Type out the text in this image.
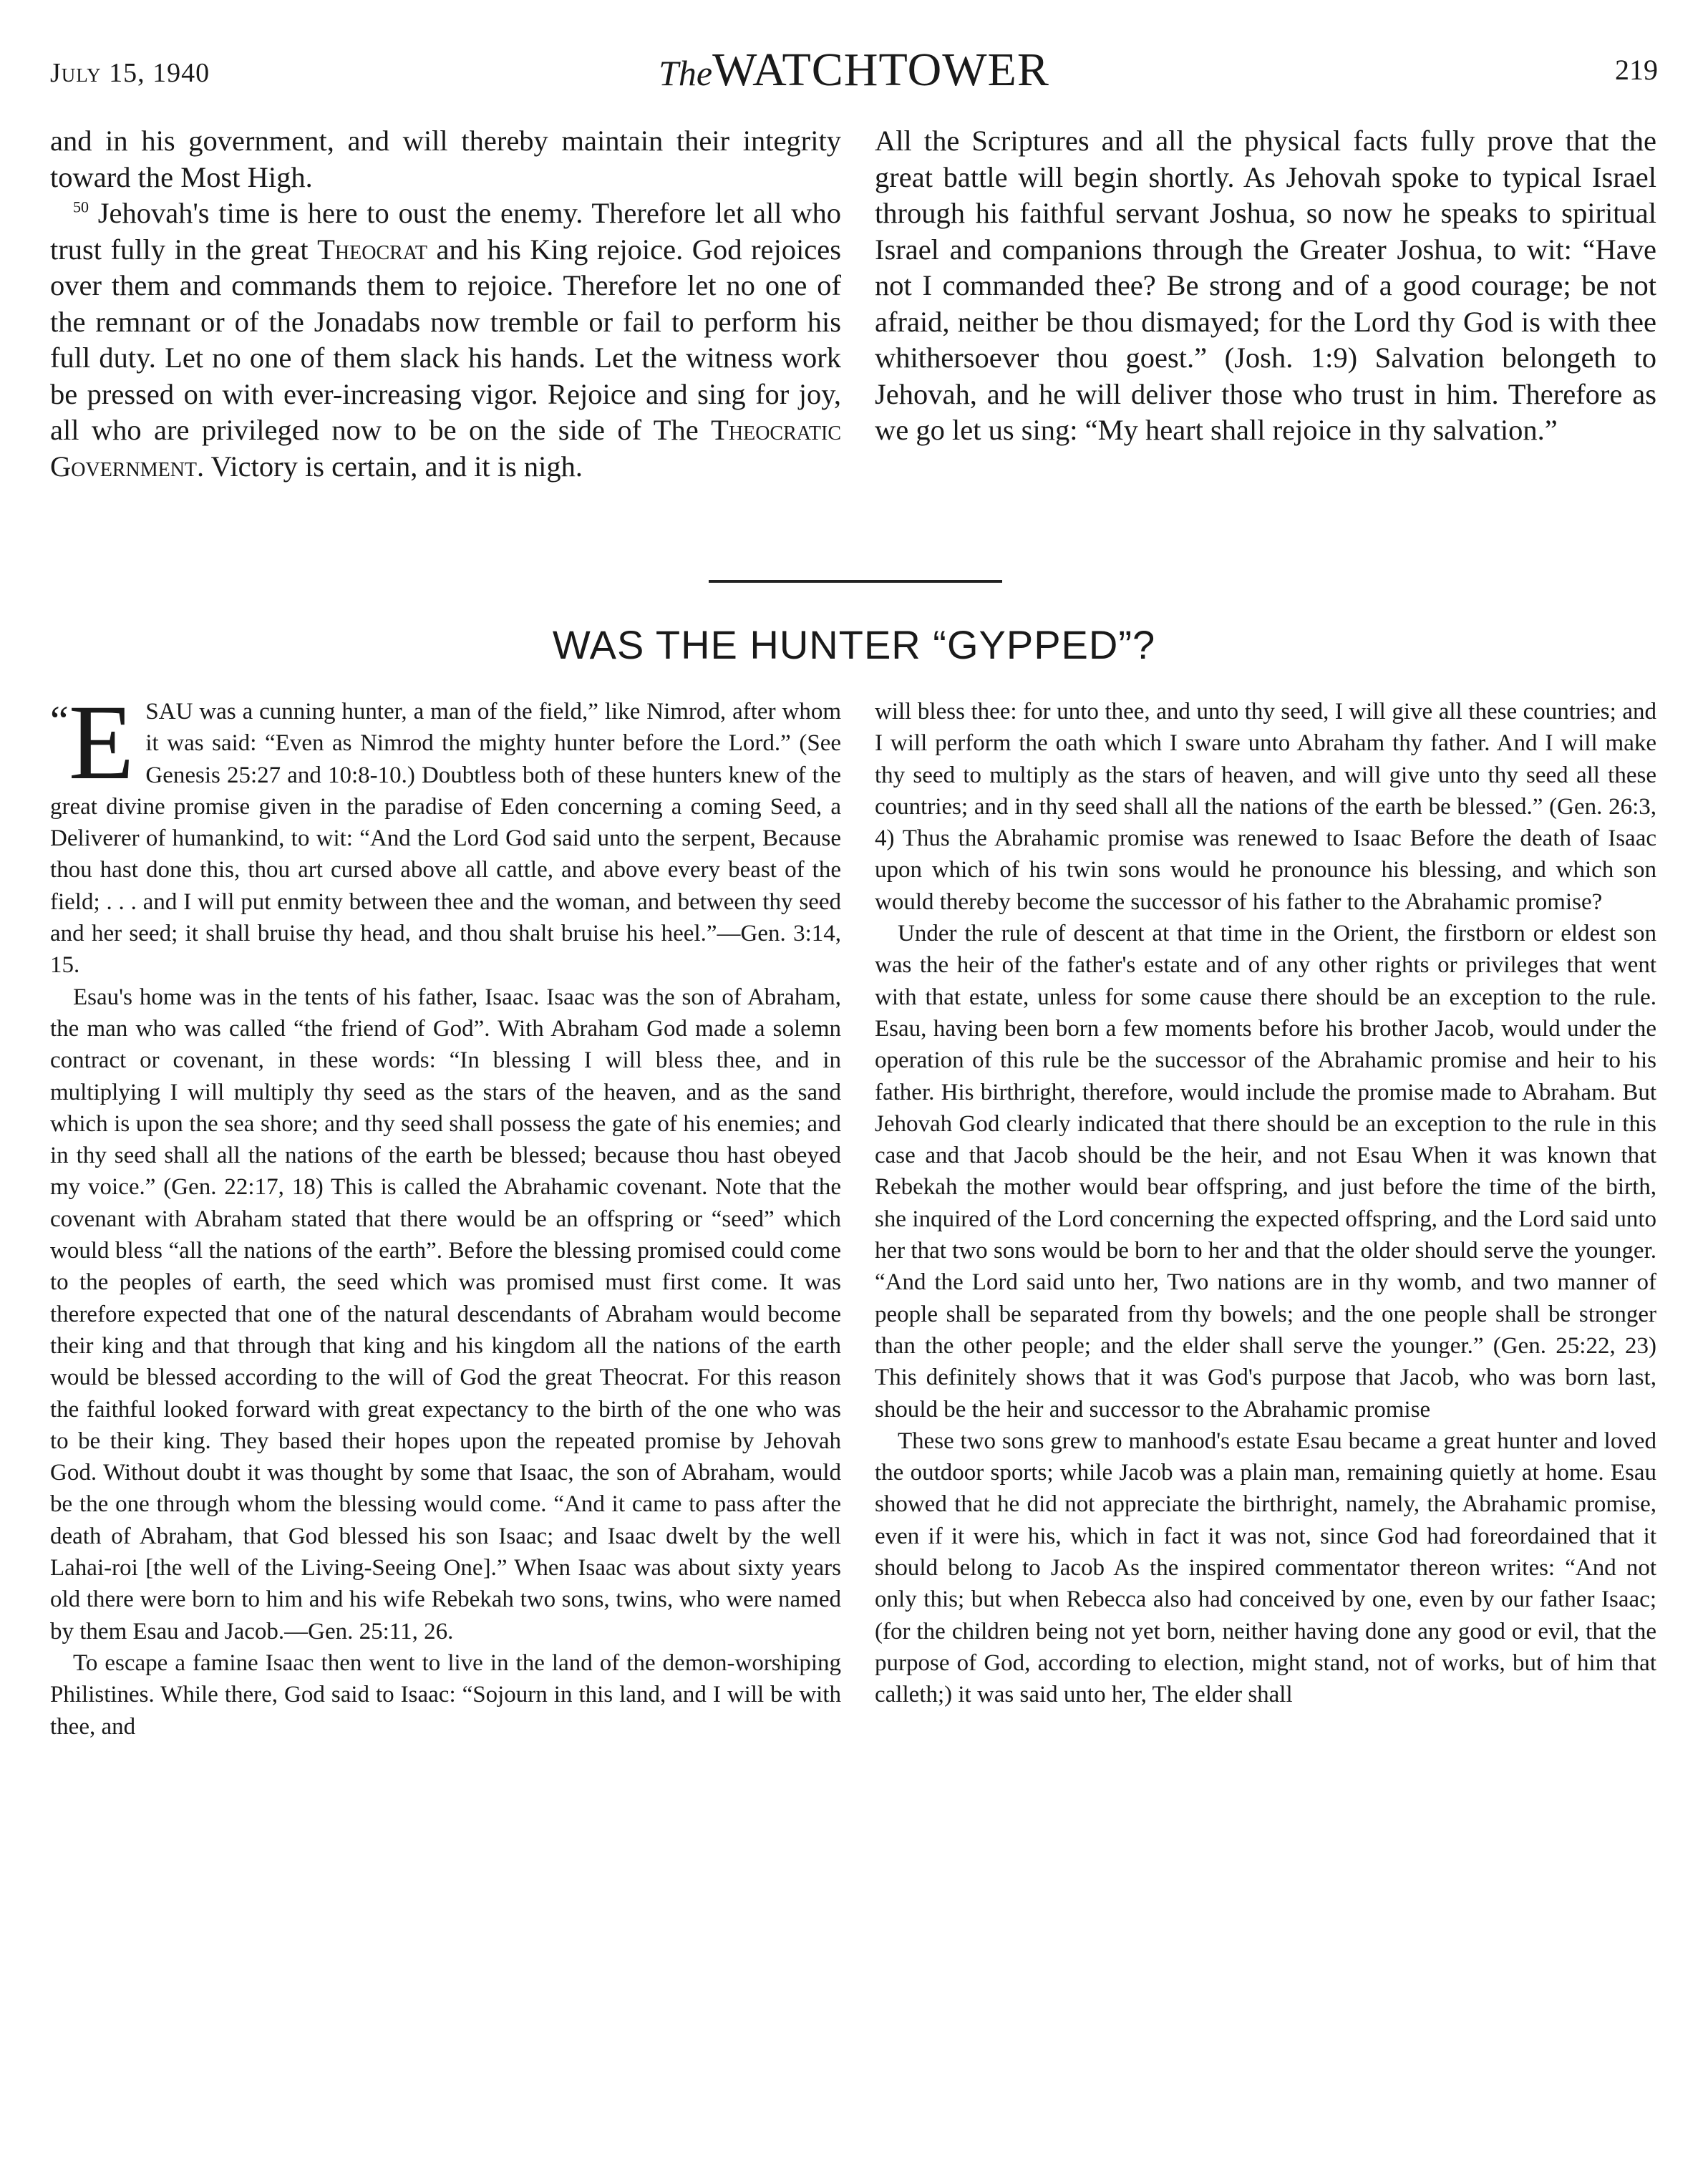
July 15, 1940	TheWATCHTOWER	219

and in his government, and will thereby maintain their integrity toward the Most High.

$^{50}$ Jehovah's time is here to oust the enemy. Therefore let all who trust fully in the great Theocrat and his King rejoice. God rejoices over them and commands them to rejoice. Therefore let no one of the remnant or of the Jonadabs now tremble or fail to perform his full duty. Let no one of them slack his hands. Let the witness work be pressed on with ever-increasing vigor. Rejoice and sing for joy, all who are privileged now to be on the side of The Theocratic Government. Victory is certain, and it is nigh.

All the Scriptures and all the physical facts fully prove that the great battle will begin shortly. As Jehovah spoke to typical Israel through his faithful servant Joshua, so now he speaks to spiritual Israel and companions through the Greater Joshua, to wit: “Have not I commanded thee? Be strong and of a good courage; be not afraid, neither be thou dismayed; for the Lord thy God is with thee whithersoever thou goest.” (Josh. 1:9) Salvation belongeth to Jehovah, and he will deliver those who trust in him. Therefore as we go let us sing: “My heart shall rejoice in thy salvation.”

WAS THE HUNTER “GYPPED”?

“E SAU was a cunning hunter, a man of the field,” like Nimrod, after whom it was said: “Even as Nimrod the mighty hunter before the Lord.” (See Genesis 25:27 and 10:8-10.) Doubtless both of these hunters knew of the great divine promise given in the paradise of Eden concerning a coming Seed, a Deliverer of humankind, to wit: “And the Lord God said unto the serpent, Because thou hast done this, thou art cursed above all cattle, and above every beast of the field; . . . and I will put enmity between thee and the woman, and between thy seed and her seed; it shall bruise thy head, and thou shalt bruise his heel.”—Gen. 3:14, 15.

Esau's home was in the tents of his father, Isaac. Isaac was the son of Abraham, the man who was called “the friend of God”. With Abraham God made a solemn contract or covenant, in these words: “In blessing I will bless thee, and in multiplying I will multiply thy seed as the stars of the heaven, and as the sand which is upon the sea shore; and thy seed shall possess the gate of his enemies; and in thy seed shall all the nations of the earth be blessed; because thou hast obeyed my voice.” (Gen. 22:17, 18) This is called the Abrahamic covenant. Note that the covenant with Abraham stated that there would be an offspring or “seed” which would bless “all the nations of the earth”. Before the blessing promised could come to the peoples of earth, the seed which was promised must first come. It was therefore expected that one of the natural descendants of Abraham would become their king and that through that king and his kingdom all the nations of the earth would be blessed according to the will of God the great Theocrat. For this reason the faithful looked forward with great expectancy to the birth of the one who was to be their king. They based their hopes upon the repeated promise by Jehovah God. Without doubt it was thought by some that Isaac, the son of Abraham, would be the one through whom the blessing would come. “And it came to pass after the death of Abraham, that God blessed his son Isaac; and Isaac dwelt by the well Lahai-roi [the well of the Living-Seeing One].” When Isaac was about sixty years old there were born to him and his wife Rebekah two sons, twins, who were named by them Esau and Jacob.—Gen. 25:11, 26.

To escape a famine Isaac then went to live in the land of the demon-worshiping Philistines. While there, God said to Isaac: “Sojourn in this land, and I will be with thee, and

will bless thee: for unto thee, and unto thy seed, I will give all these countries; and I will perform the oath which I sware unto Abraham thy father. And I will make thy seed to multiply as the stars of heaven, and will give unto thy seed all these countries; and in thy seed shall all the nations of the earth be blessed.” (Gen. 26:3, 4) Thus the Abrahamic promise was renewed to Isaac Before the death of Isaac upon which of his twin sons would he pronounce his blessing, and which son would thereby become the successor of his father to the Abrahamic promise?

Under the rule of descent at that time in the Orient, the firstborn or eldest son was the heir of the father's estate and of any other rights or privileges that went with that estate, unless for some cause there should be an exception to the rule. Esau, having been born a few moments before his brother Jacob, would under the operation of this rule be the successor of the Abrahamic promise and heir to his father. His birthright, therefore, would include the promise made to Abraham. But Jehovah God clearly indicated that there should be an exception to the rule in this case and that Jacob should be the heir, and not Esau When it was known that Rebekah the mother would bear offspring, and just before the time of the birth, she inquired of the Lord concerning the expected offspring, and the Lord said unto her that two sons would be born to her and that the older should serve the younger. “And the Lord said unto her, Two nations are in thy womb, and two manner of people shall be separated from thy bowels; and the one people shall be stronger than the other people; and the elder shall serve the younger.” (Gen. 25:22, 23) This definitely shows that it was God's purpose that Jacob, who was born last, should be the heir and successor to the Abrahamic promise

These two sons grew to manhood's estate Esau became a great hunter and loved the outdoor sports; while Jacob was a plain man, remaining quietly at home. Esau showed that he did not appreciate the birthright, namely, the Abrahamic promise, even if it were his, which in fact it was not, since God had foreordained that it should belong to Jacob As the inspired commentator thereon writes: “And not only this; but when Rebecca also had conceived by one, even by our father Isaac; (for the children being not yet born, neither having done any good or evil, that the purpose of God, according to election, might stand, not of works, but of him that calleth;) it was said unto her, The elder shall
